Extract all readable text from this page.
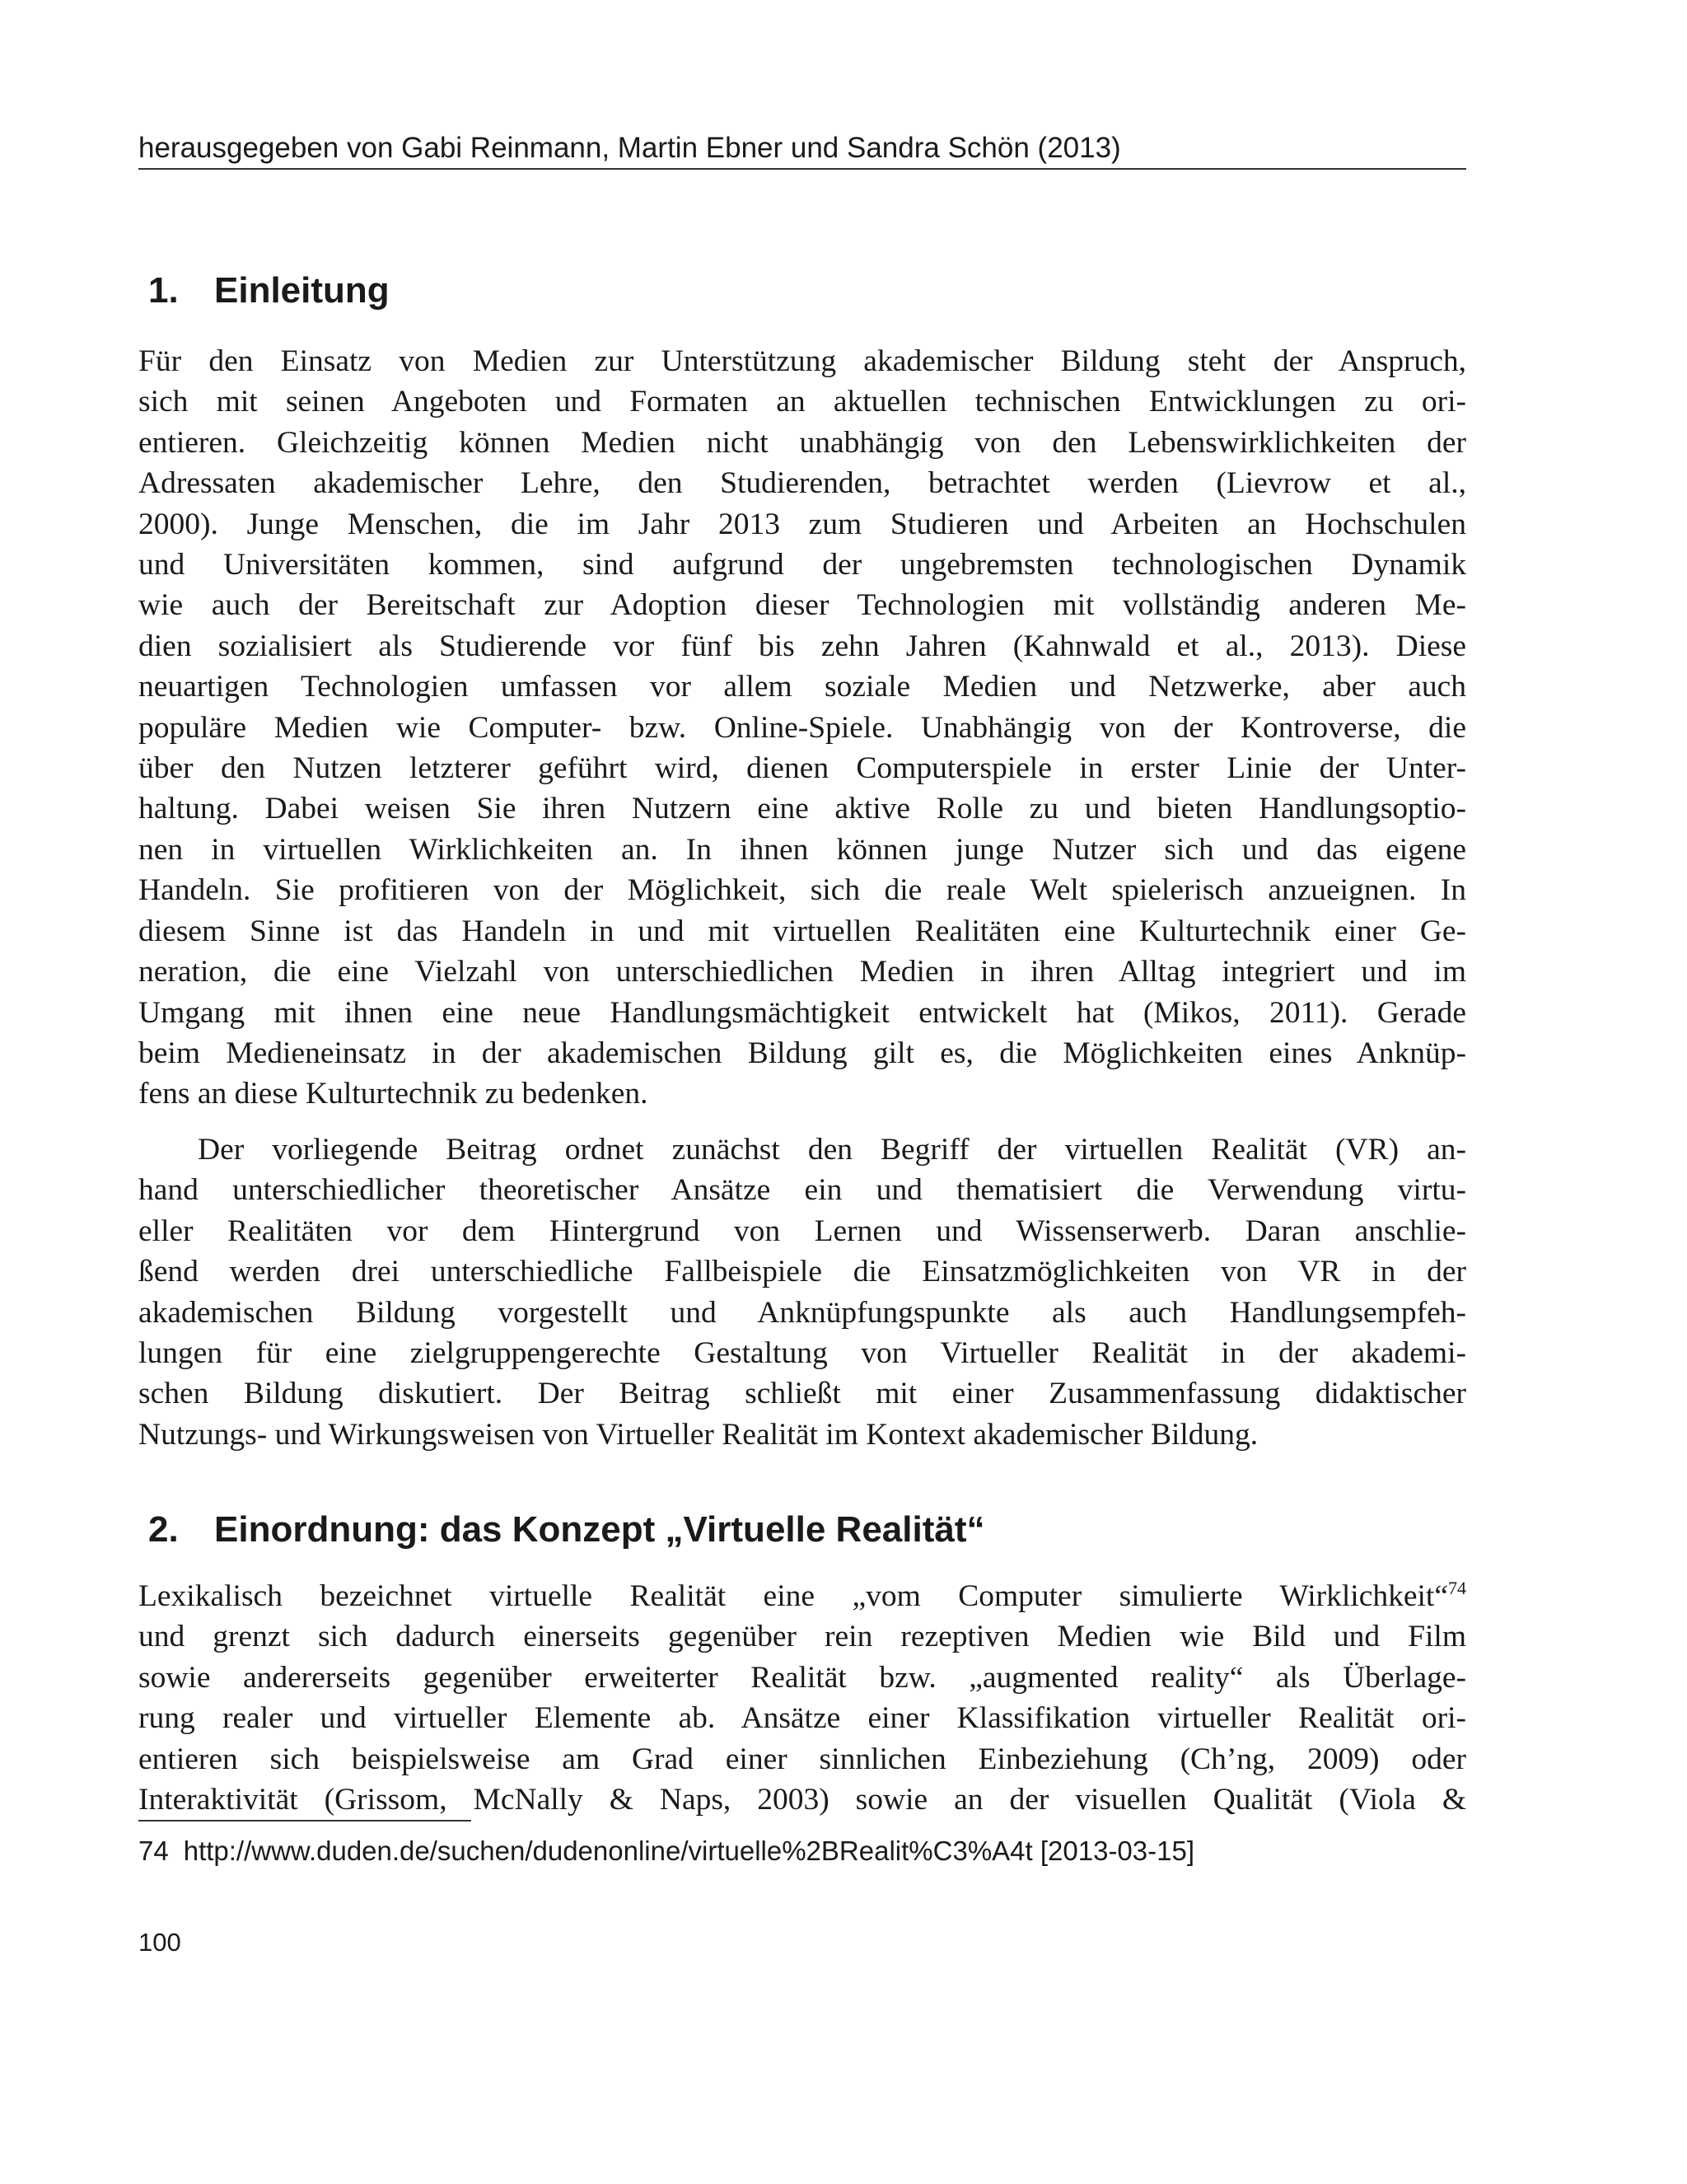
herausgegeben von Gabi Reinmann, Martin Ebner und Sandra Schön (2013)
1. Einleitung

Für den Einsatz von Medien zur Unterstützung akademischer Bildung steht der Anspruch,
sich mit seinen Angeboten und Formaten an aktuellen technischen Entwicklungen zu ori-
entieren. Gleichzeitig können Medien nicht unabhängig von den Lebenswirklichkeiten der
Adressaten akademischer Lehre, den Studierenden, betrachtet werden (Lievrow et al.,
2000). Junge Menschen, die im Jahr 2013 zum Studieren und Arbeiten an Hochschulen
und Universitäten kommen, sind aufgrund der ungebremsten technologischen Dynamik
wie auch der Bereitschaft zur Adoption dieser Technologien mit vollständig anderen Me-
dien sozialisiert als Studierende vor fünf bis zehn Jahren (Kahnwald et al., 2013). Diese
neuartigen Technologien umfassen vor allem soziale Medien und Netzwerke, aber auch
populäre Medien wie Computer- bzw. Online-Spiele. Unabhängig von der Kontroverse, die
über den Nutzen letzterer geführt wird, dienen Computerspiele in erster Linie der Unter-
haltung. Dabei weisen Sie ihren Nutzern eine aktive Rolle zu und bieten Handlungsoptio-
nen in virtuellen Wirklichkeiten an. In ihnen können junge Nutzer sich und das eigene
Handeln. Sie profitieren von der Möglichkeit, sich die reale Welt spielerisch anzueignen. In
diesem Sinne ist das Handeln in und mit virtuellen Realitäten eine Kulturtechnik einer Ge-
neration, die eine Vielzahl von unterschiedlichen Medien in ihren Alltag integriert und im
Umgang mit ihnen eine neue Handlungsmächtigkeit entwickelt hat (Mikos, 2011). Gerade
beim Medieneinsatz in der akademischen Bildung gilt es, die Möglichkeiten eines Anknüp-
fens an diese Kulturtechnik zu bedenken.

Der vorliegende Beitrag ordnet zunächst den Begriff der virtuellen Realität (VR) an-
hand unterschiedlicher theoretischer Ansätze ein und thematisiert die Verwendung virtu-
eller Realitäten vor dem Hintergrund von Lernen und Wissenserwerb. Daran anschlie-
ßend werden drei unterschiedliche Fallbeispiele die Einsatzmöglichkeiten von VR in der
akademischen Bildung vorgestellt und Anknüpfungspunkte als auch Handlungsempfeh-
lungen für eine zielgruppengerechte Gestaltung von Virtueller Realität in der akademi-
schen Bildung diskutiert. Der Beitrag schließt mit einer Zusammenfassung didaktischer
Nutzungs- und Wirkungsweisen von Virtueller Realität im Kontext akademischer Bildung.

2. Einordnung: das Konzept „Virtuelle Realität“

Lexikalisch bezeichnet virtuelle Realität eine „vom Computer simulierte Wirklichkeit“$^{74}$
und grenzt sich dadurch einerseits gegenüber rein rezeptiven Medien wie Bild und Film
sowie andererseits gegenüber erweiterter Realität bzw. „augmented reality“ als Überlage-
rung realer und virtueller Elemente ab. Ansätze einer Klassifikation virtueller Realität ori-
entieren sich beispielsweise am Grad einer sinnlichen Einbeziehung (Ch’ng, 2009) oder
Interaktivität (Grissom, McNally & Naps, 2003) sowie an der visuellen Qualität (Viola &

74 http://www.duden.de/suchen/dudenonline/virtuelle%2BRealit%C3%A4t [2013-03-15]
100
